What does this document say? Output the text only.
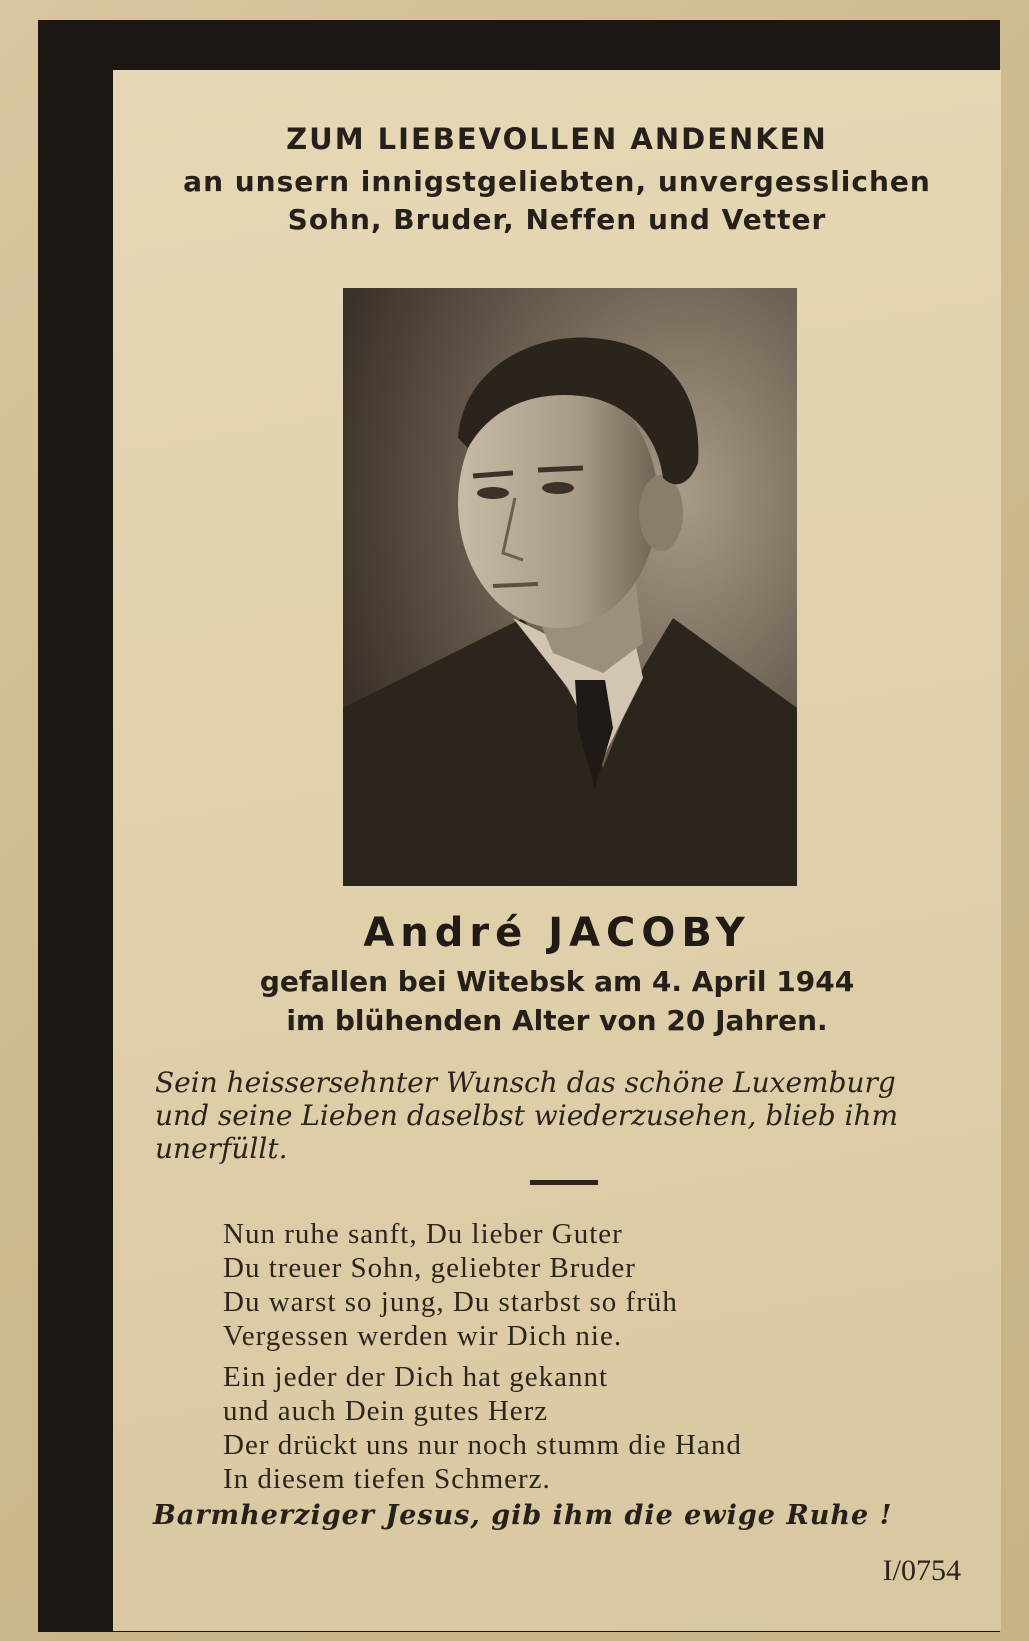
ZUM LIEBEVOLLEN ANDENKEN
an unsern innigstgeliebten, unvergesslichen
Sohn, Bruder, Neffen und Vetter
André JACOBY
gefallen bei Witebsk am 4. April 1944
im blühenden Alter von 20 Jahren.
Sein heissersehnter Wunsch das schöne Luxemburg
und seine Lieben daselbst wiederzusehen, blieb ihm
unerfüllt.
Nun ruhe sanft, Du lieber Guter
Du treuer Sohn, geliebter Bruder
Du warst so jung, Du starbst so früh
Vergessen werden wir Dich nie.
Ein jeder der Dich hat gekannt
und auch Dein gutes Herz
Der drückt uns nur noch stumm die Hand
In diesem tiefen Schmerz.
Barmherziger Jesus, gib ihm die ewige Ruhe !
I/0754
